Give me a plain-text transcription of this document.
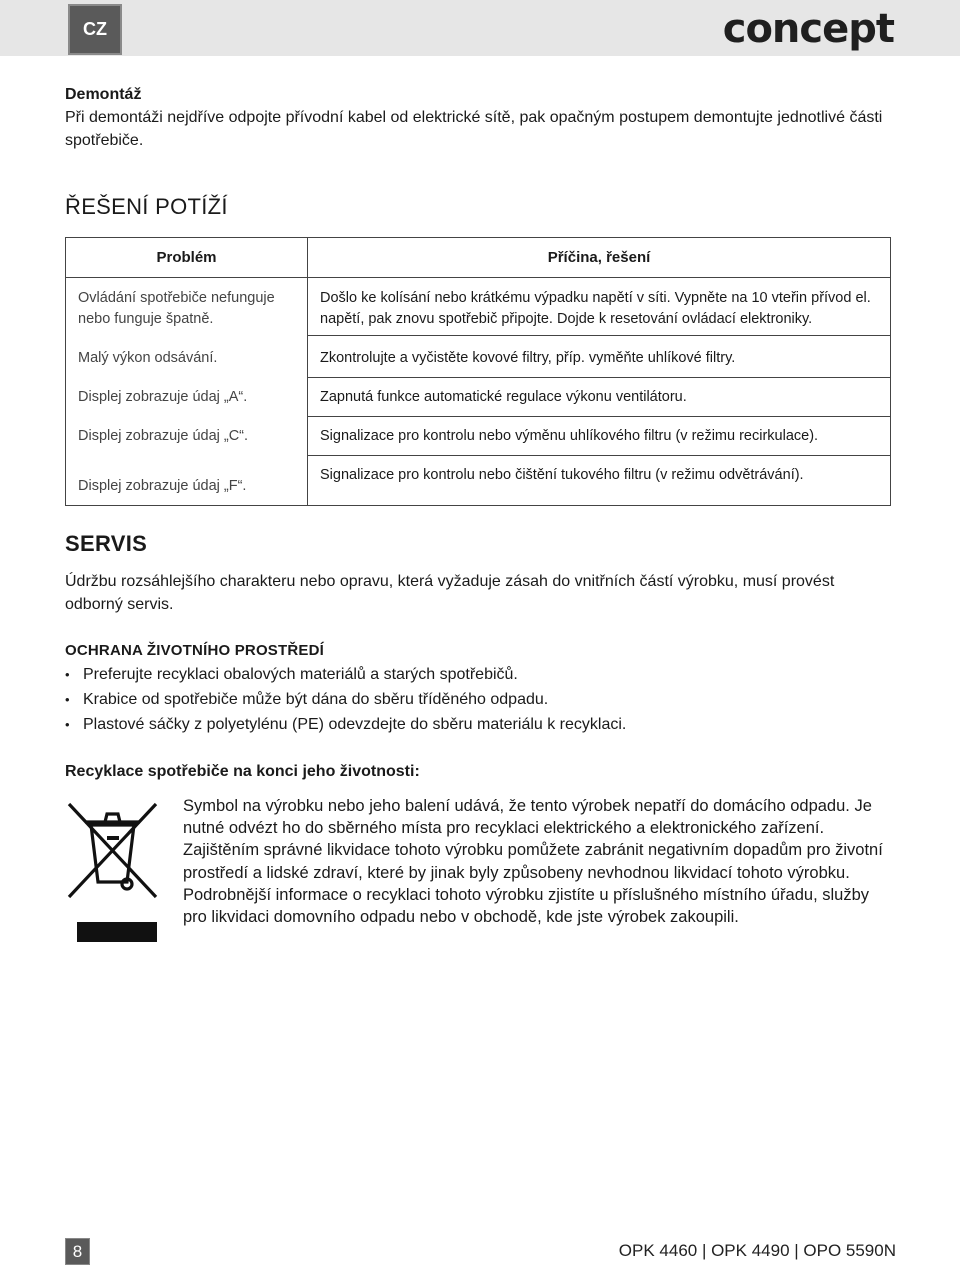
CZ	concept
Demontáž

Při demontáži nejdříve odpojte přívodní kabel od elektrické sítě, pak opačným postupem demontujte jednotlivé části spotřebiče.

ŘEŠENÍ POTÍŽÍ
Problém	Příčina, řešení
Ovládání spotřebiče nefunguje nebo funguje špatně.	Došlo ke kolísání nebo krátkému výpadku napětí v síti. Vypněte na 10 vteřin přívod el. napětí, pak znovu spotřebič připojte. Dojde k resetování ovládací elektroniky.
Malý výkon odsávání.	Zkontrolujte a vyčistěte kovové filtry, příp. vyměňte uhlíkové filtry.
Displej zobrazuje údaj „A“.	Zapnutá funkce automatické regulace výkonu ventilátoru.
Displej zobrazuje údaj „C“.	Signalizace pro kontrolu nebo výměnu uhlíkového filtru (v režimu recirkulace).
Displej zobrazuje údaj „F“.	Signalizace pro kontrolu nebo čištění tukového filtru (v režimu odvětrávání).
SERVIS

Údržbu rozsáhlejšího charakteru nebo opravu, která vyžaduje zásah do vnitřních částí výrobku, musí provést odborný servis.

OCHRANA ŽIVOTNÍHO PROSTŘEDÍ
• Preferujte recyklaci obalových materiálů a starých spotřebičů.
• Krabice od spotřebiče může být dána do sběru tříděného odpadu.
• Plastové sáčky z polyetylénu (PE) odevzdejte do sběru materiálu k recyklaci.
Recyklace spotřebiče na konci jeho životnosti:

Symbol na výrobku nebo jeho balení udává, že tento výrobek nepatří do domácího odpadu. Je nutné odvézt ho do sběrného místa pro recyklaci elektrického a elektronického zařízení. Zajištěním správné likvidace tohoto výrobku pomůžete zabránit negativním dopadům pro životní prostředí a lidské zdraví, které by jinak byly způsobeny nevhodnou likvidací tohoto výrobku. Podrobnější informace o recyklaci tohoto výrobku zjistíte u příslušného místního úřadu, služby pro likvidaci domovního odpadu nebo v obchodě, kde jste výrobek zakoupili.

8	OPK 4460 | OPK 4490 | OPO 5590N
